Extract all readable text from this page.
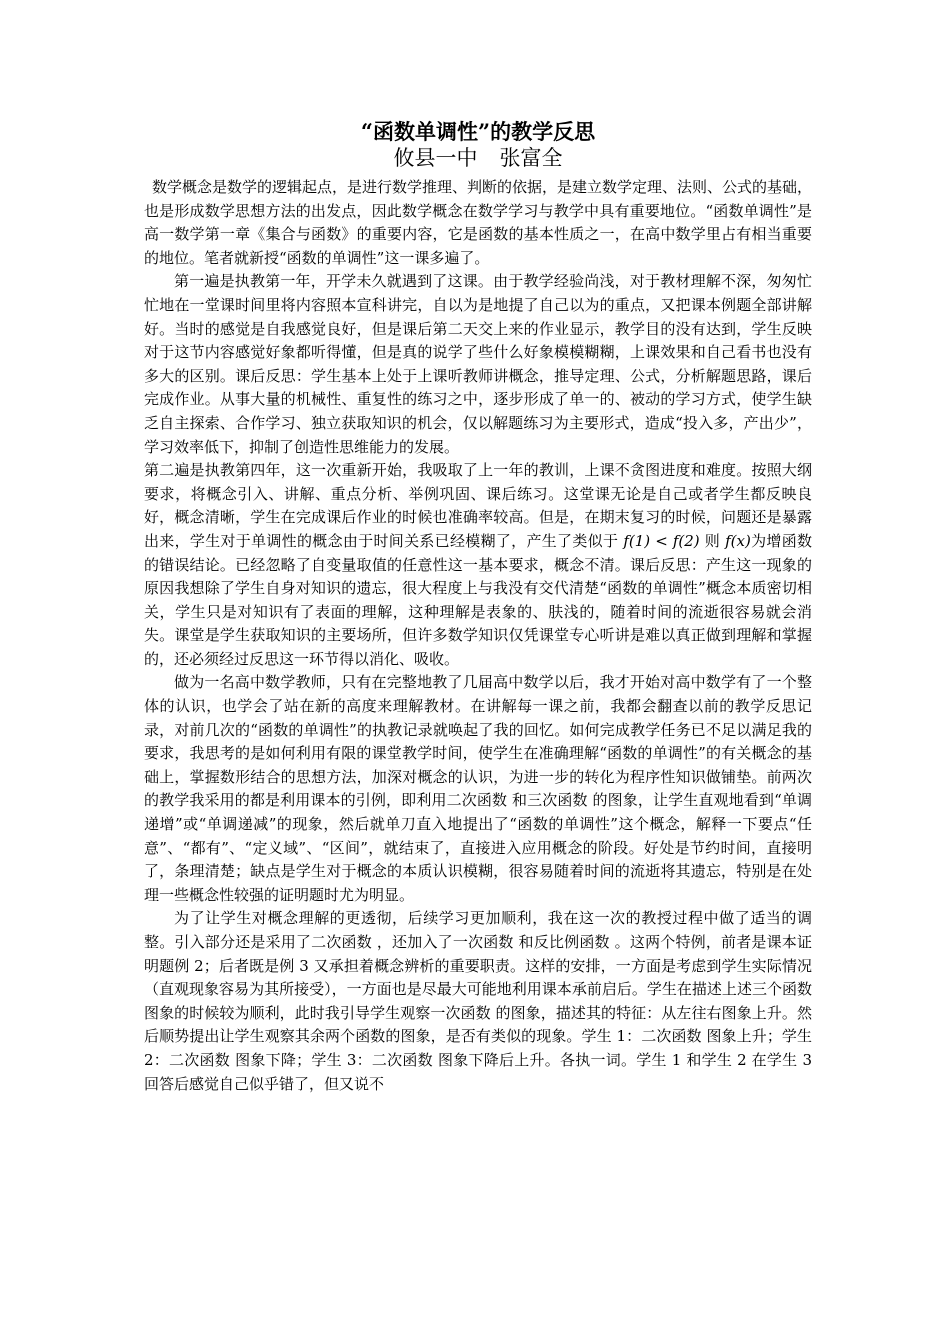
“函数单调性”的教学反思
攸县一中 张富全

数学概念是数学的逻辑起点，是进行数学推理、判断的依据，是建立数学定理、法则、公式的基础，也是形成数学思想方法的出发点，因此数学概念在数学学习与教学中具有重要地位。“函数单调性”是高一数学第一章《集合与函数》的重要内容，它是函数的基本性质之一，在高中数学里占有相当重要的地位。笔者就新授“函数的单调性”这一课多遍了。

第一遍是执教第一年，开学未久就遇到了这课。由于教学经验尚浅，对于教材理解不深，匆匆忙忙地在一堂课时间里将内容照本宣科讲完，自以为是地提了自己以为的重点，又把课本例题全部讲解好。当时的感觉是自我感觉良好，但是课后第二天交上来的作业显示，教学目的没有达到，学生反映对于这节内容感觉好象都听得懂，但是真的说学了些什么好象模模糊糊，上课效果和自己看书也没有多大的区别。课后反思：学生基本上处于上课听教师讲概念，推导定理、公式，分析解题思路，课后完成作业。从事大量的机械性、重复性的练习之中，逐步形成了单一的、被动的学习方式，使学生缺乏自主探索、合作学习、独立获取知识的机会，仅以解题练习为主要形式，造成“投入多，产出少”，学习效率低下，抑制了创造性思维能力的发展。

第二遍是执教第四年，这一次重新开始，我吸取了上一年的教训，上课不贪图进度和难度。按照大纲要求，将概念引入、讲解、重点分析、举例巩固、课后练习。这堂课无论是自己或者学生都反映良好，概念清晰，学生在完成课后作业的时候也准确率较高。但是，在期末复习的时候，问题还是暴露出来，学生对于单调性的概念由于时间关系已经模糊了，产生了类似于 f(1) < f(2) 则 f(x)为增函数的错误结论。已经忽略了自变量取值的任意性这一基本要求，概念不清。课后反思：产生这一现象的原因我想除了学生自身对知识的遗忘，很大程度上与我没有交代清楚“函数的单调性”概念本质密切相关，学生只是对知识有了表面的理解，这种理解是表象的、肤浅的，随着时间的流逝很容易就会消失。课堂是学生获取知识的主要场所，但许多数学知识仅凭课堂专心听讲是难以真正做到理解和掌握的，还必须经过反思这一环节得以消化、吸收。

做为一名高中数学教师，只有在完整地教了几届高中数学以后，我才开始对高中数学有了一个整体的认识，也学会了站在新的高度来理解教材。在讲解每一课之前，我都会翻查以前的教学反思记录，对前几次的“函数的单调性”的执教记录就唤起了我的回忆。如何完成教学任务已不足以满足我的要求，我思考的是如何利用有限的课堂教学时间，使学生在准确理解“函数的单调性”的有关概念的基础上，掌握数形结合的思想方法，加深对概念的认识，为进一步的转化为程序性知识做铺垫。前两次的教学我采用的都是利用课本的引例，即利用二次函数 和三次函数 的图象，让学生直观地看到“单调递增”或“单调递减”的现象，然后就单刀直入地提出了“函数的单调性”这个概念，解释一下要点“任意”、“都有”、“定义域”、“区间”，就结束了，直接进入应用概念的阶段。好处是节约时间，直接明了，条理清楚；缺点是学生对于概念的本质认识模糊，很容易随着时间的流逝将其遗忘，特别是在处理一些概念性较强的证明题时尤为明显。

为了让学生对概念理解的更透彻，后续学习更加顺利，我在这一次的教授过程中做了适当的调整。引入部分还是采用了二次函数 ，还加入了一次函数 和反比例函数 。这两个特例，前者是课本证明题例 2；后者既是例 3 又承担着概念辨析的重要职责。这样的安排，一方面是考虑到学生实际情况（直观现象容易为其所接受），一方面也是尽最大可能地利用课本承前启后。学生在描述上述三个函数图象的时候较为顺利，此时我引导学生观察一次函数 的图象，描述其的特征：从左往右图象上升。然后顺势提出让学生观察其余两个函数的图象，是否有类似的现象。学生 1：二次函数 图象上升；学生 2：二次函数 图象下降；学生 3：二次函数 图象下降后上升。各执一词。学生 1 和学生 2 在学生 3 回答后感觉自己似乎错了，但又说不
